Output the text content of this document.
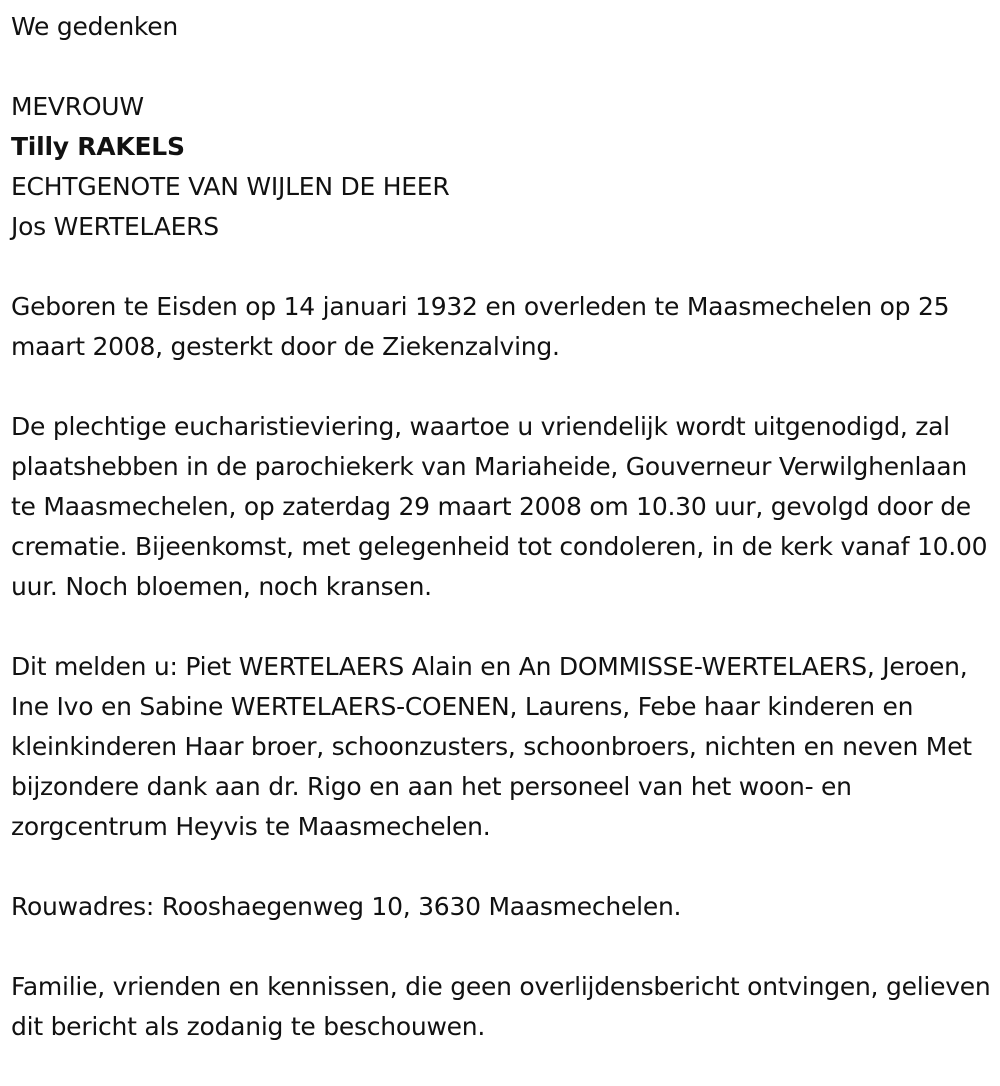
We gedenken

MEVROUW

Tilly RAKELS

ECHTGENOTE VAN WIJLEN DE HEER

Jos WERTELAERS

Geboren te Eisden op 14 januari 1932 en overleden te Maasmechelen op 25 maart 2008, gesterkt door de Ziekenzalving.

De plechtige eucharistieviering, waartoe u vriendelijk wordt uitgenodigd, zal plaatshebben in de parochiekerk van Mariaheide, Gouverneur Verwilghenlaan te Maasmechelen, op zaterdag 29 maart 2008 om 10.30 uur, gevolgd door de crematie. Bijeenkomst, met gelegenheid tot condoleren, in de kerk vanaf 10.00 uur. Noch bloemen, noch kransen.

Dit melden u: Piet WERTELAERS Alain en An DOMMISSE-WERTELAERS, Jeroen, Ine Ivo en Sabine WERTELAERS-COENEN, Laurens, Febe haar kinderen en kleinkinderen Haar broer, schoonzusters, schoonbroers, nichten en neven Met bijzondere dank aan dr. Rigo en aan het personeel van het woon- en zorgcentrum Heyvis te Maasmechelen.

Rouwadres: Rooshaegenweg 10, 3630 Maasmechelen.

Familie, vrienden en kennissen, die geen overlijdensbericht ontvingen, gelieven dit bericht als zodanig te beschouwen.
